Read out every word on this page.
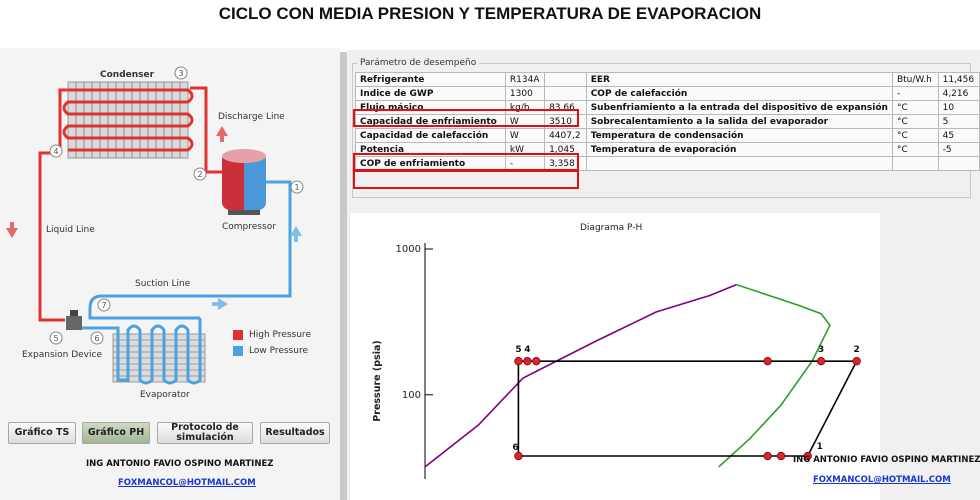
CICLO CON MEDIA PRESION Y TEMPERATURA DE EVAPORACION
3
4
2
1
7
5	6
Condenser
Discharge Line
Compressor
Liquid Line
Suction Line
Expansion Device
Evaporator
High Pressure
Low Pressure
Gráfico TS	Gráfico PH	Protocolo de simulación	Resultados
ING ANTONIO FAVIO OSPINO MARTINEZ
FOXMANCOL@HOTMAIL.COM
Parámetro de desempeño
Refrigerante	R134A		EER	Btu/W.h	11,456
Indice de GWP	1300		COP de calefacción	-	4,216
Flujo másico	kg/h	83,66	Subenfriamiento a la entrada del dispositivo de expansión	°C	10
Capacidad de enfriamiento	W	3510	Sobrecalentamiento a la salida del evaporador	°C	5
Capacidad de calefacción	W	4407,2	Temperatura de condensación	°C	45
Potencia	kW	1,045	Temperatura de evaporación	°C	-5
COP de enfriamiento	-	3,358			
Diagrama P-H
1000
100
Pressure (psia)	5 4	3	2
6	1
ING ANTONIO FAVIO OSPINO MARTINEZ
FOXMANCOL@HOTMAIL.COM
